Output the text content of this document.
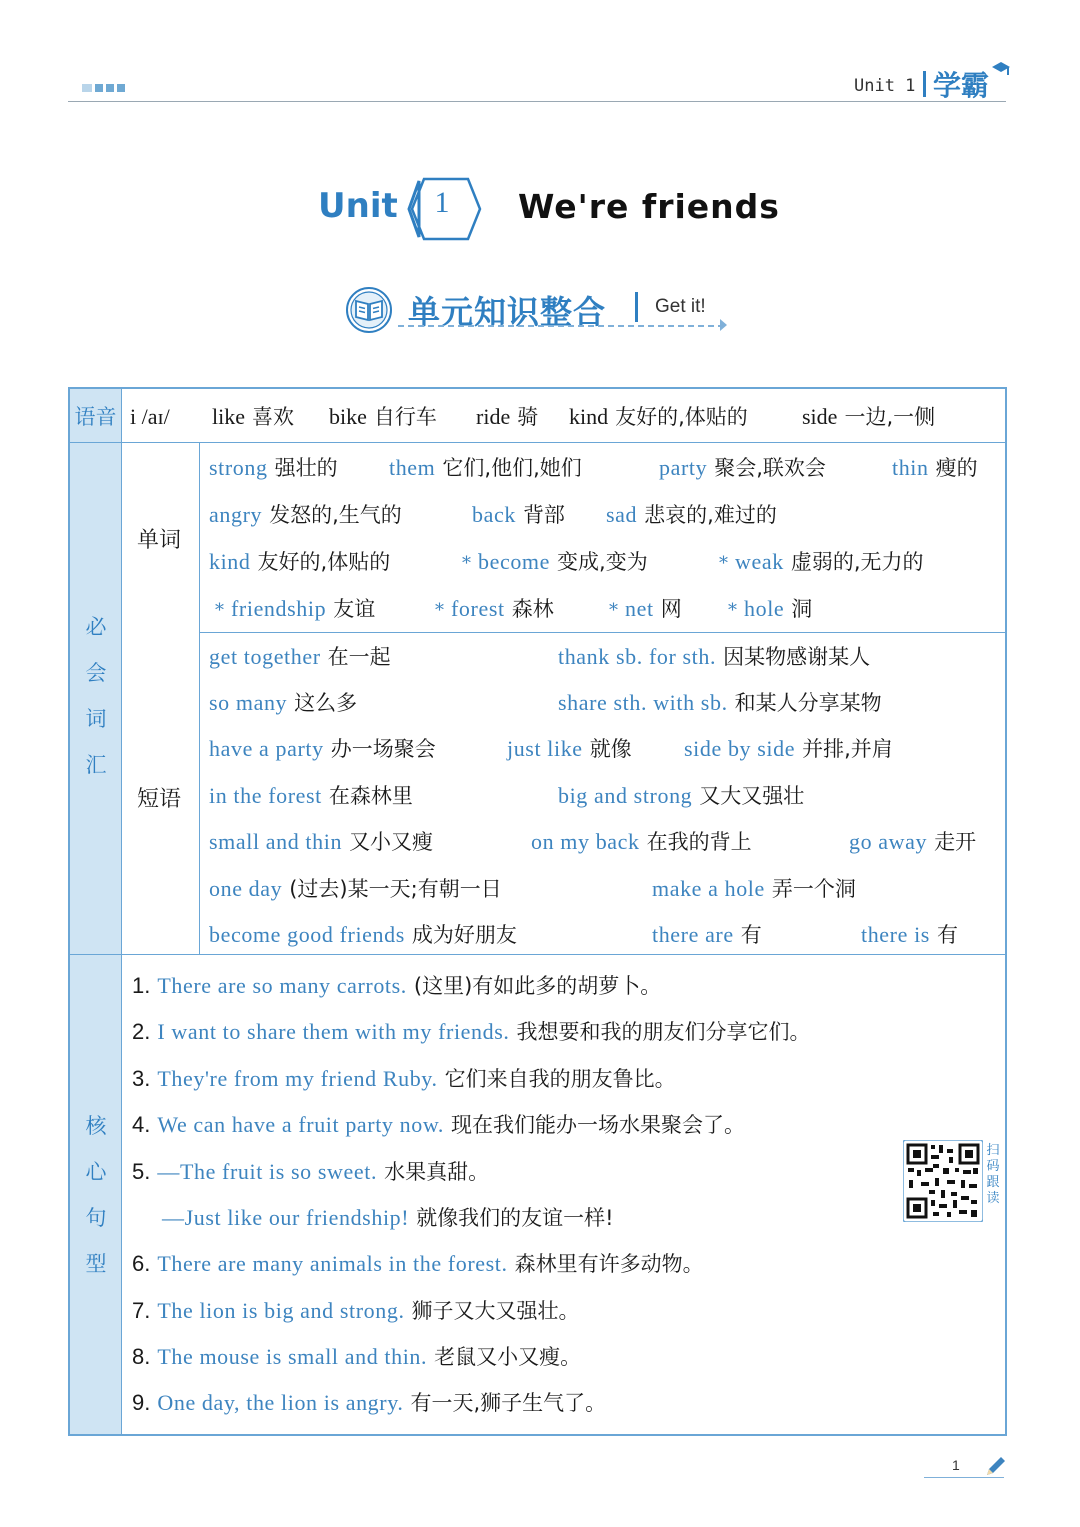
Unit 1 学霸
Unit	1	We're friends
单元知识整合	Get it!
语音 i /aɪ/ like 喜欢 bike 自行车 ride 骑 kind 友好的,体贴的 side 一边,一侧
必
会
词
汇
单词
strong 强壮的 them 它们,他们,她们	party 聚会,联欢会	thin 瘦的
angry 发怒的,生气的	back 背部 sad 悲哀的,难过的
kind 友好的,体贴的	* become 变成,变为	* weak 虚弱的,无力的
* friendship 友谊	* forest 森林	* net 网	* hole 洞
短语
get together 在一起	thank sb. for sth. 因某物感谢某人
so many 这么多	share sth. with sb. 和某人分享某物
have a party 办一场聚会	just like 就像 side by side 并排,并肩
in the forest 在森林里	big and strong 又大又强壮
small and thin 又小又瘦	on my back 在我的背上	go away 走开
one day (过去)某一天;有朝一日	make a hole 弄一个洞
become good friends 成为好朋友	there are 有	there is 有
核
心
句
型
1. There are so many carrots. (这里)有如此多的胡萝卜。
2. I want to share them with my friends. 我想要和我的朋友们分享它们。
3. They're from my friend Ruby. 它们来自我的朋友鲁比。
4. We can have a fruit party now. 现在我们能办一场水果聚会了。
5. —The fruit is so sweet. 水果真甜。
—Just like our friendship! 就像我们的友谊一样!
6. There are many animals in the forest. 森林里有许多动物。
7. The lion is big and strong. 狮子又大又强壮。
8. The mouse is small and thin. 老鼠又小又瘦。
9. One day, the lion is angry. 有一天,狮子生气了。
扫
码
跟
读
1
